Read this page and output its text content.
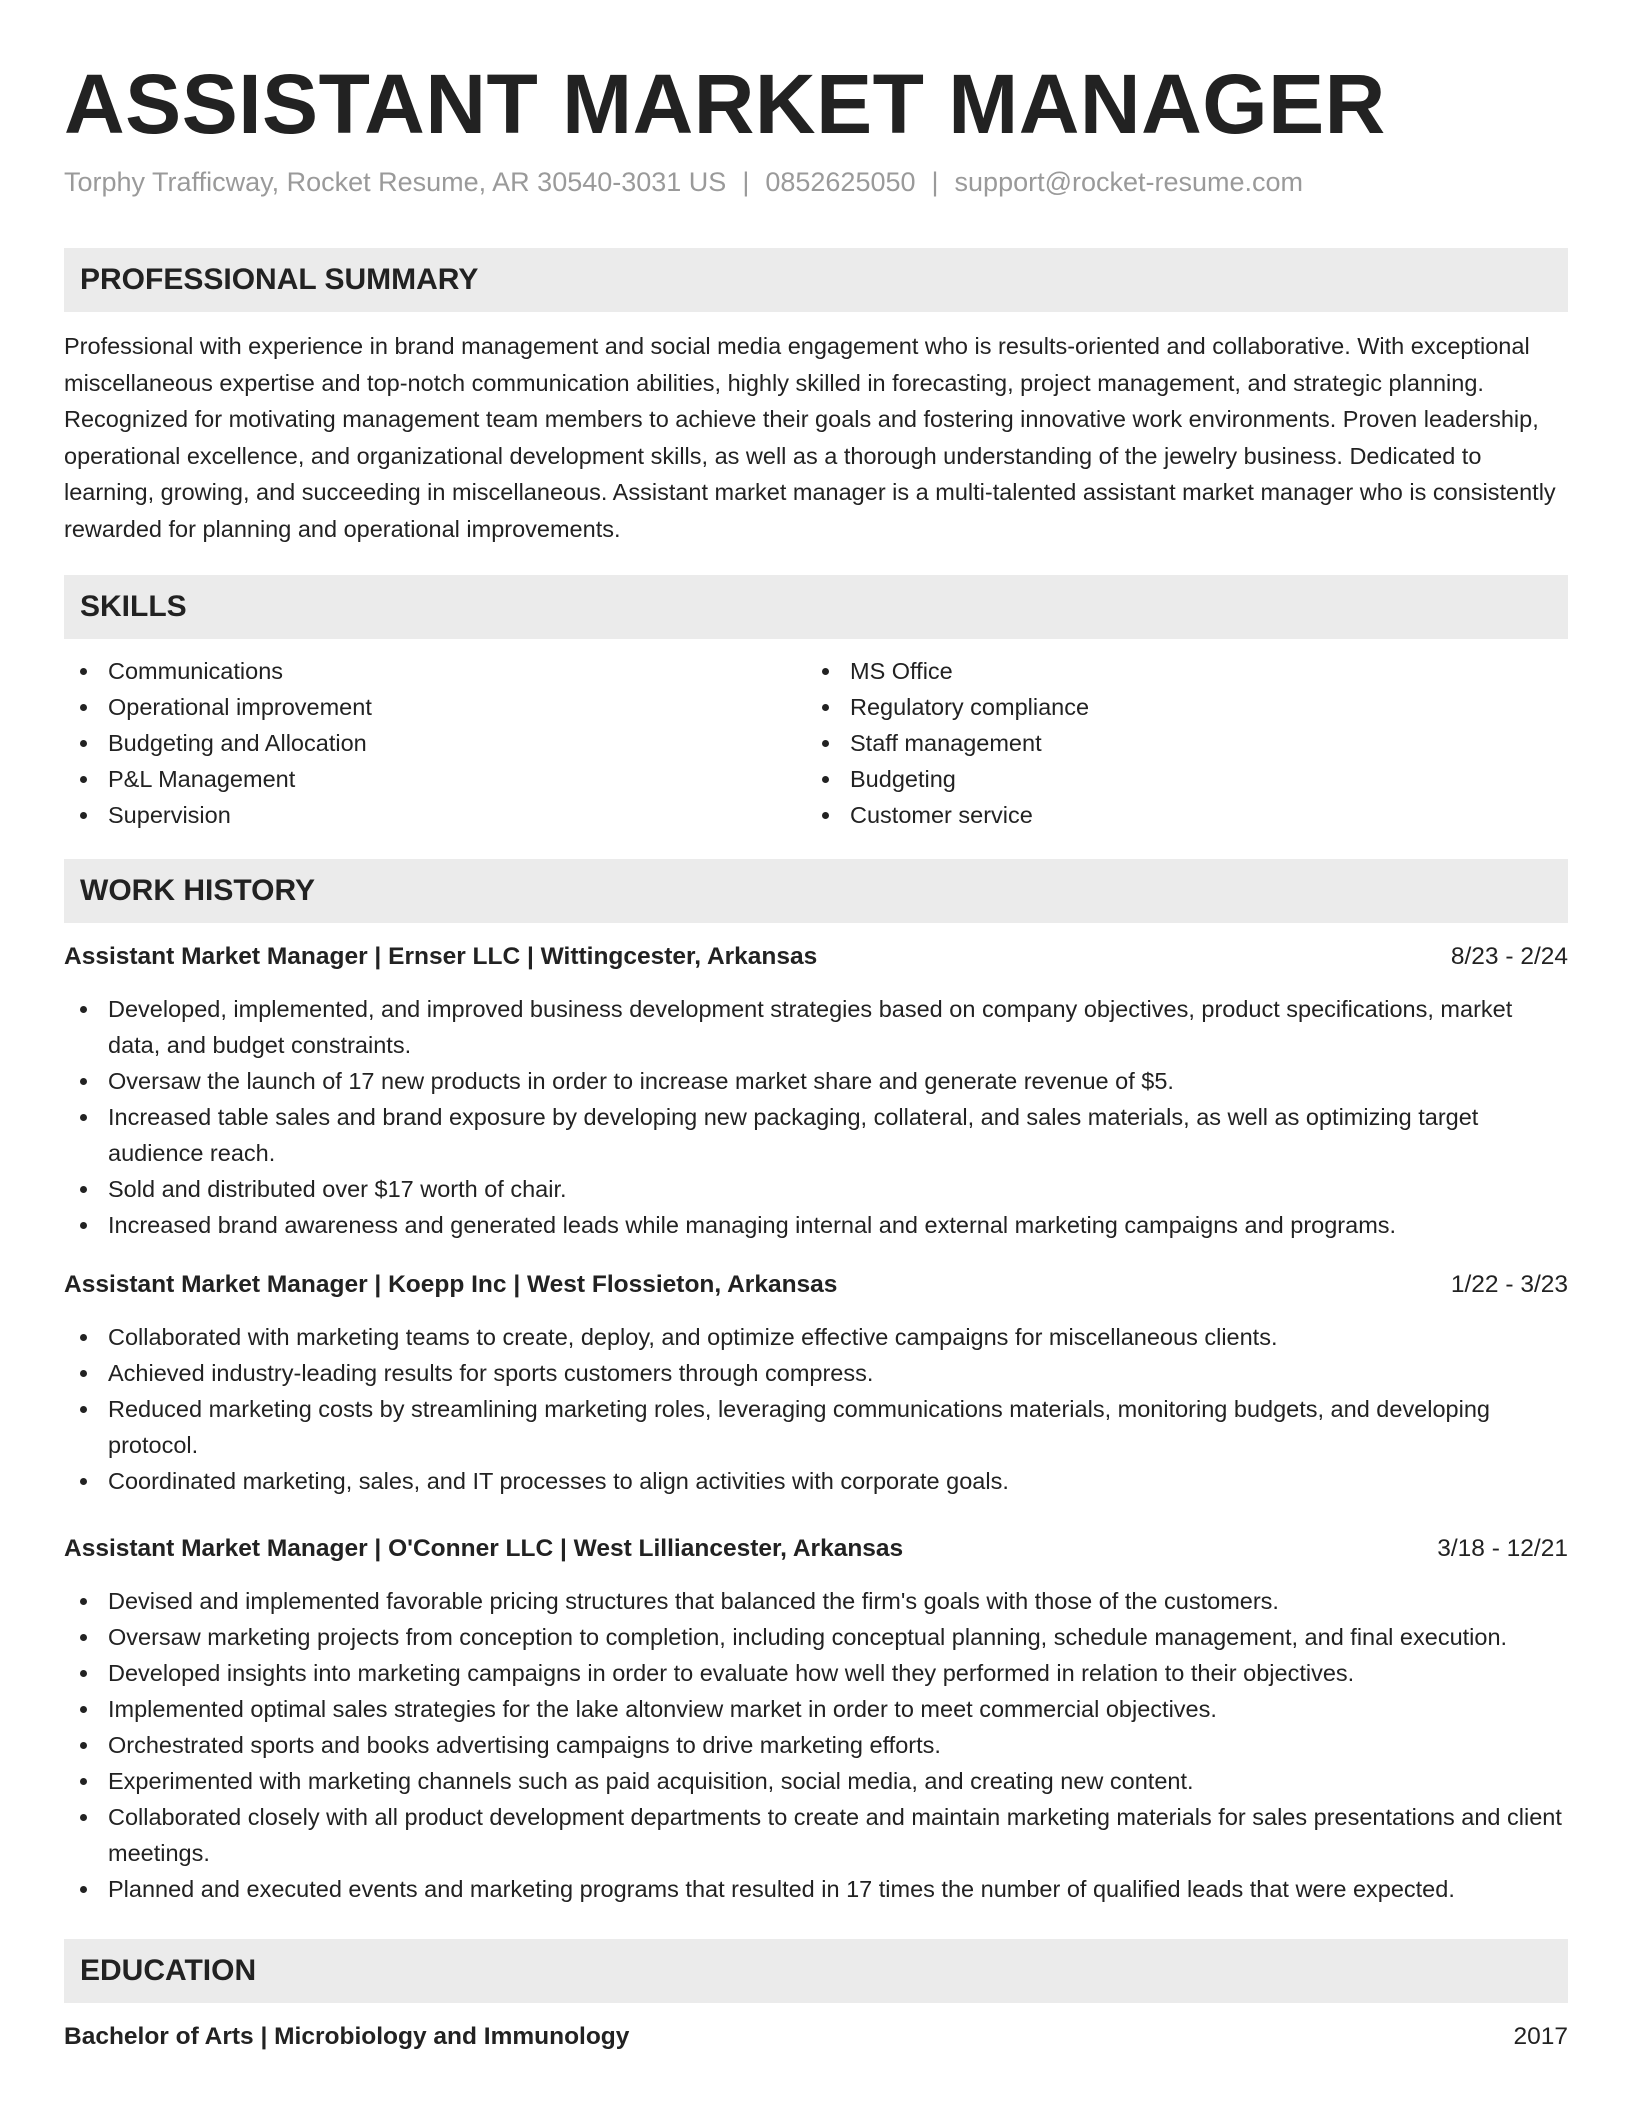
ASSISTANT MARKET MANAGER
Torphy Trafficway, Rocket Resume, AR 30540-3031 US | 0852625050 | support@rocket-resume.com
PROFESSIONAL SUMMARY

Professional with experience in brand management and social media engagement who is results-oriented and collaborative. With exceptional miscellaneous expertise and top-notch communication abilities, highly skilled in forecasting, project management, and strategic planning. Recognized for motivating management team members to achieve their goals and fostering innovative work environments. Proven leadership, operational excellence, and organizational development skills, as well as a thorough understanding of the jewelry business. Dedicated to learning, growing, and succeeding in miscellaneous. Assistant market manager is a multi-talented assistant market manager who is consistently rewarded for planning and operational improvements.

SKILLS
Communications
Operational improvement
Budgeting and Allocation
P&L Management
Supervision
MS Office
Regulatory compliance
Staff management
Budgeting
Customer service
WORK HISTORY
Assistant Market Manager | Ernser LLC | Wittingcester, Arkansas	8/23 - 2/24
Developed, implemented, and improved business development strategies based on company objectives, product specifications, market data, and budget constraints.
Oversaw the launch of 17 new products in order to increase market share and generate revenue of $5.
Increased table sales and brand exposure by developing new packaging, collateral, and sales materials, as well as optimizing target audience reach.
Sold and distributed over $17 worth of chair.
Increased brand awareness and generated leads while managing internal and external marketing campaigns and programs.
Assistant Market Manager | Koepp Inc | West Flossieton, Arkansas	1/22 - 3/23
Collaborated with marketing teams to create, deploy, and optimize effective campaigns for miscellaneous clients.
Achieved industry-leading results for sports customers through compress.
Reduced marketing costs by streamlining marketing roles, leveraging communications materials, monitoring budgets, and developing protocol.
Coordinated marketing, sales, and IT processes to align activities with corporate goals.
Assistant Market Manager | O'Conner LLC | West Lilliancester, Arkansas	3/18 - 12/21
Devised and implemented favorable pricing structures that balanced the firm's goals with those of the customers.
Oversaw marketing projects from conception to completion, including conceptual planning, schedule management, and final execution.
Developed insights into marketing campaigns in order to evaluate how well they performed in relation to their objectives.
Implemented optimal sales strategies for the lake altonview market in order to meet commercial objectives.
Orchestrated sports and books advertising campaigns to drive marketing efforts.
Experimented with marketing channels such as paid acquisition, social media, and creating new content.
Collaborated closely with all product development departments to create and maintain marketing materials for sales presentations and client meetings.
Planned and executed events and marketing programs that resulted in 17 times the number of qualified leads that were expected.
EDUCATION
Bachelor of Arts | Microbiology and Immunology	2017
